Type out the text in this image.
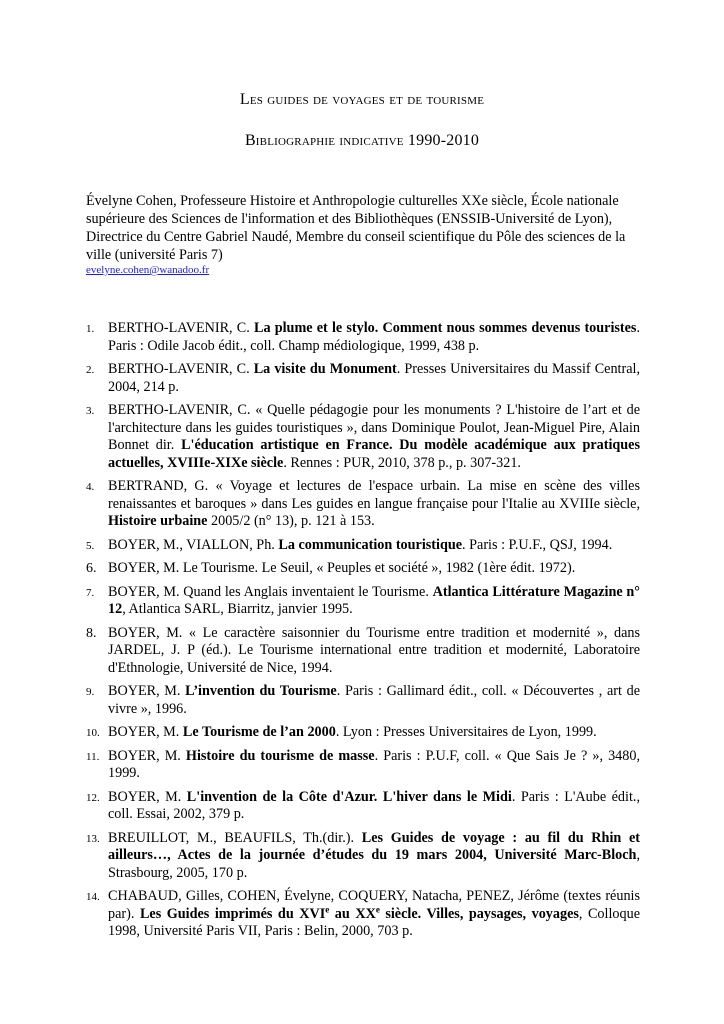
Les guides de voyages et de tourisme
Bibliographie indicative 1990-2010
Évelyne Cohen, Professeure Histoire et Anthropologie culturelles XXe siècle, École nationale supérieure des Sciences de l'information et des Bibliothèques (ENSSIB-Université de Lyon), Directrice du Centre Gabriel Naudé, Membre du conseil scientifique du Pôle des sciences de la ville (université Paris 7)
evelyne.cohen@wanadoo.fr
1. BERTHO-LAVENIR, C. La plume et le stylo. Comment nous sommes devenus touristes. Paris : Odile Jacob édit., coll. Champ médiologique, 1999, 438 p.
2. BERTHO-LAVENIR, C. La visite du Monument. Presses Universitaires du Massif Central, 2004, 214 p.
3. BERTHO-LAVENIR, C. « Quelle pédagogie pour les monuments ? L'histoire de l’art et de l'architecture dans les guides touristiques », dans Dominique Poulot, Jean-Miguel Pire, Alain Bonnet dir. L'éducation artistique en France. Du modèle académique aux pratiques actuelles, XVIIIe-XIXe siècle. Rennes : PUR, 2010, 378 p., p. 307-321.
4. BERTRAND, G. « Voyage et lectures de l'espace urbain. La mise en scène des villes renaissantes et baroques » dans Les guides en langue française pour l'Italie au XVIIIe siècle, Histoire urbaine 2005/2 (n° 13), p. 121 à 153.
5. BOYER, M., VIALLON, Ph. La communication touristique. Paris : P.U.F., QSJ, 1994.
6. BOYER, M. Le Tourisme. Le Seuil, « Peuples et société », 1982 (1ère édit. 1972).
7. BOYER, M. Quand les Anglais inventaient le Tourisme. Atlantica Littérature Magazine n° 12, Atlantica SARL, Biarritz, janvier 1995.
8. BOYER, M. « Le caractère saisonnier du Tourisme entre tradition et modernité », dans JARDEL, J. P (éd.). Le Tourisme international entre tradition et modernité, Laboratoire d'Ethnologie, Université de Nice, 1994.
9. BOYER, M. L’invention du Tourisme. Paris : Gallimard édit., coll. « Découvertes , art de vivre », 1996.
10. BOYER, M. Le Tourisme de l’an 2000. Lyon : Presses Universitaires de Lyon, 1999.
11. BOYER, M. Histoire du tourisme de masse. Paris : P.U.F, coll. « Que Sais Je ? », 3480, 1999.
12. BOYER, M. L'invention de la Côte d'Azur. L'hiver dans le Midi. Paris : L'Aube édit., coll. Essai, 2002, 379 p.
13. BREUILLOT, M., BEAUFILS, Th.(dir.). Les Guides de voyage : au fil du Rhin et ailleurs…, Actes de la journée d’études du 19 mars 2004, Université Marc-Bloch, Strasbourg, 2005, 170 p.
14. CHABAUD, Gilles, COHEN, Évelyne, COQUERY, Natacha, PENEZ, Jérôme (textes réunis par). Les Guides imprimés du XVIe au XXe siècle. Villes, paysages, voyages, Colloque 1998, Université Paris VII, Paris : Belin, 2000, 703 p.
